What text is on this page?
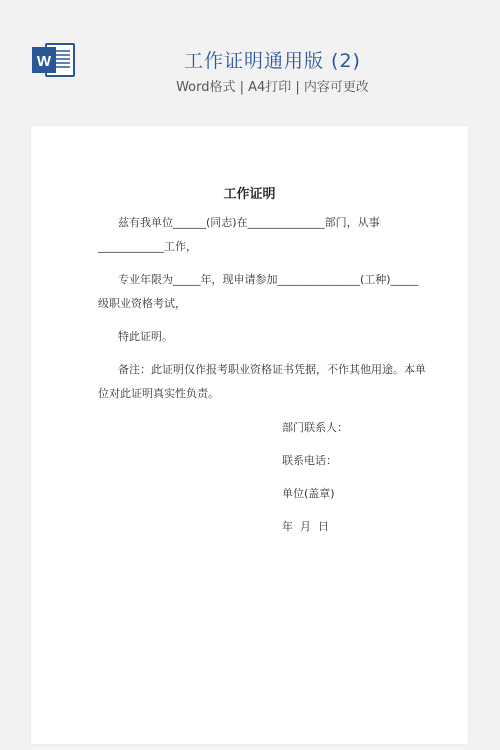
W	工作证明通用版 (2)
Word格式 | A4打印 | 内容可更改
工作证明
兹有我单位______(同志)在______________部门，从事
____________工作，
专业年限为_____年，现申请参加_______________(工种)_____
级职业资格考试，
特此证明。
备注：此证明仅作报考职业资格证书凭据，不作其他用途。本单
位对此证明真实性负责。
部门联系人：
联系电话：
单位(盖章)
年  月  日
